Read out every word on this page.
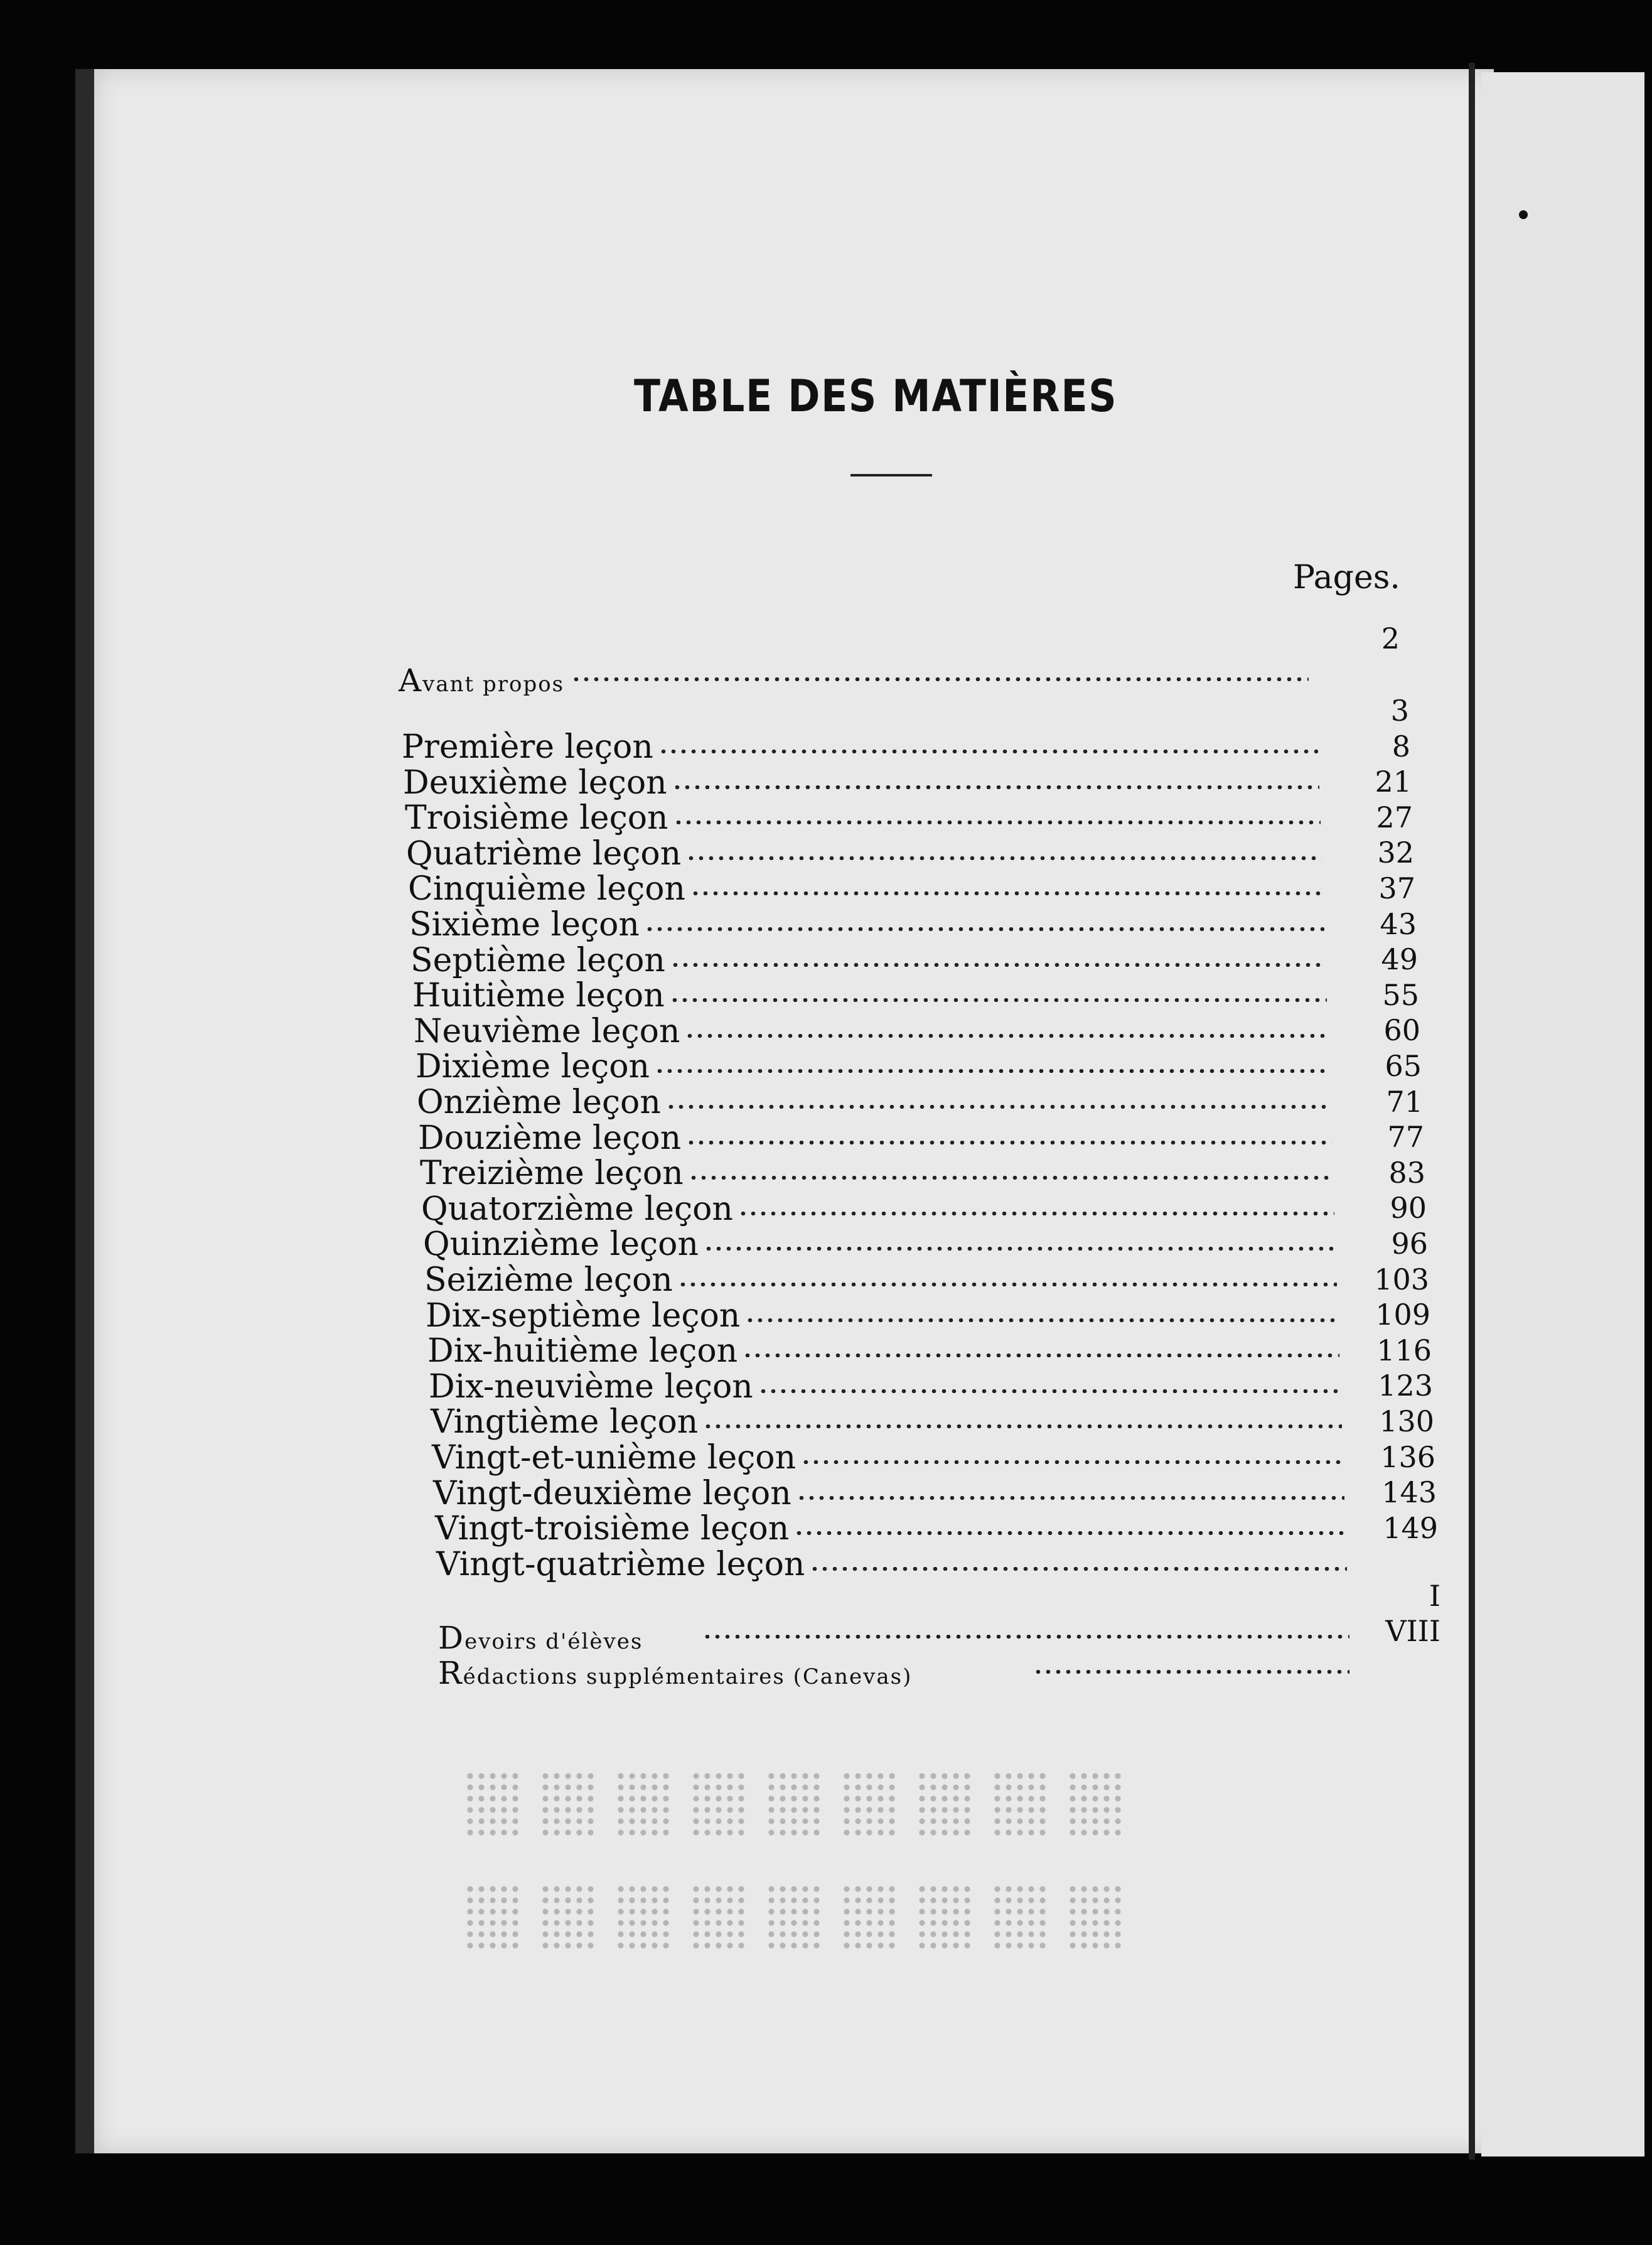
TABLE DES MATIÈRES
Pages.
Avant propos
2
Première leçon
3
Deuxième leçon
8
Troisième leçon
21
Quatrième leçon
27
Cinquième leçon
32
Sixième leçon
37
Septième leçon
43
Huitième leçon
49
Neuvième leçon
55
Dixième leçon
60
Onzième leçon
65
Douzième leçon
71
Treizième leçon
77
Quatorzième leçon
83
Quinzième leçon
90
Seizième leçon
96
Dix-septième leçon
103
Dix-huitième leçon
109
Dix-neuvième leçon
116
Vingtième leçon
123
Vingt-et-unième leçon
130
Vingt-deuxième leçon
136
Vingt-troisième leçon
143
Vingt-quatrième leçon
149
Devoirs d'élèves
I
Rédactions supplémentaires (Canevas)
VIII
